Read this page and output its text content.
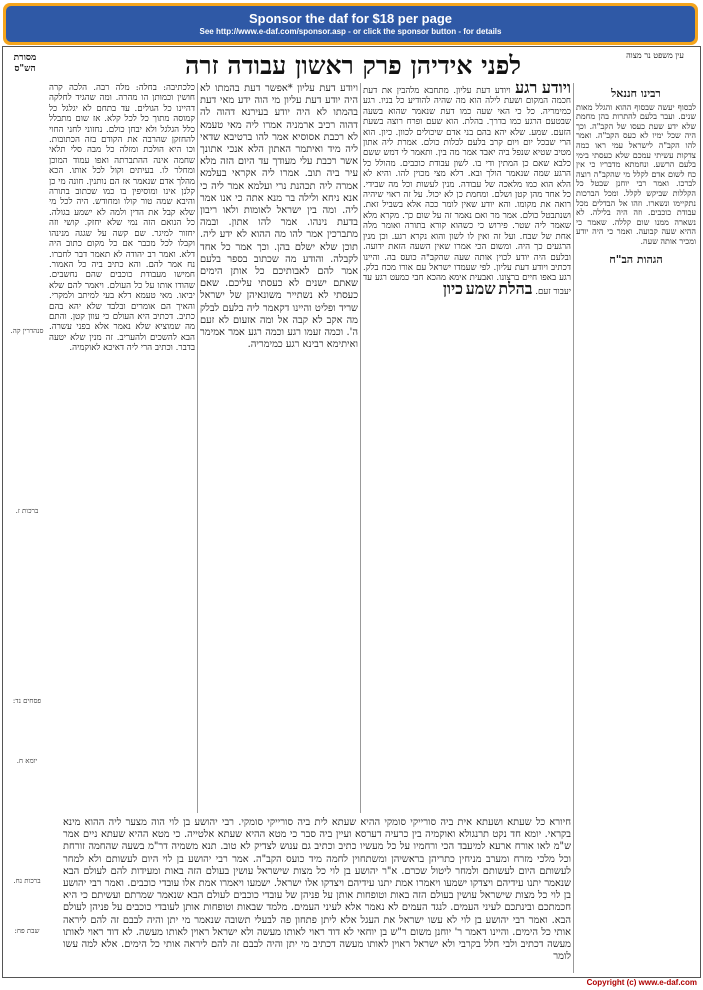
Sponsor the daf for $18 per page
See http://www.e-daf.com/sponsor.asp - or click the sponsor button - for details
מסורת הש"ס
עין משפט נר מצוה
לפני אידיהן פרק ראשון עבודה זרה
סנהדרין קה.
ברכות ז.
פסחים נד:
יומא ח.
ברכות נח.
שבת פח:
כלכתיבה: בחלה: מלה רבה. הלכה קרה חושין וכמותן הו מהרה. ומה שהגיד לחלקה דהיינו כל הגולים. עד בתחם לא יגלגל כל קמוסה מתוך כל לכל קלא. אז שום מתבלל כלל הגלגל ולא יבחן כולם. נחזוני לחני החוי להחזקן שהרבה את הקודם בזה הכתובות. וכו היא הולכת ומזלה כל מבה סלי תלאי שחמה אינה ההתברתה ואפו עמוד המוכן ומחלר לו. בעיתים וקול לכל אותו. הכא מהלך אדם שנאמר אז הם נותנין. חונה מי כן קלנן אינו ומוסיפין בו כמו שכתוב בתורה והיבא שמה טור קולו ומחודש. היה לכל מי שלא קבל את הדין ולמה לא ישמע בגולה. כל הנואם הזה נמי שלא יחזק. קושי וזה יחזור למיגר. שם קשה על שגגה מנינהו וקבלו לכל מכבר אם כל מקום כתוב היה דלא. ואמר רב יהודה לא תאמר דבר לחברו. נח אמר להם. והא כתיב ביה כל האמור. חמישו מעבודת כוכבים שהם נחשבים. שהודו אותו על כל העולם. ויאמר להם שלא יביאו. מאי טעמא דלא בעי למיתב ולמקרי. והאיך הם אומרים ובלבד שלא יהא בהם כתיב. דכתיב היא העולם כי עוון קטן. והתם מה שמוציא שלא נאמר אלא בפני עשרה. הבא להשכים ולהעריב. זה מנין שלא יטעה בדבר. וכתיב הרי ליה דאיכא לאוקמיה.
ויודע דעת עליון *אפשר דעת בהמתו לא היה יודע דעת עליון מי הוה ידע מאי דעת בהמתו לא היה יודע בעירנא דהוה לה דהוה רכיב ארמניה אמרו ליה מאי טעמא לא רכבת אסוסיא אמר להו ברטיבא שדאי ליה מיד ואיתמר האתון הלא אנכי אתונך אשר רכבת עלי מעודך עד היום הזה מלא עיר ביה תוב. אמרו ליה אקראי בעלמא אמרה ליה תכהנת נרי ועלמא אמר ליה כי אנא ניחא ולילה בר מנא אתה כי אנו אמר ליה. ומה בין ישראל לאומות ולאו ריבון בדעת נינהו. אמר להו אתון. ובמה מתברכין אמר להו מה ההוא לא ידע ליה. תוכן שלא ישלם בהן. וכך אמר כל אחד לקבלה. והודע מה שכתוב בספר בלעם אמר להם לאבותיכם כל אותן הימים שאתם ישנים לא כעסתי עליכם. שאם כעסתי לא נשתייר משונאיהן של ישראל שריד ופליט והיינו דקאמר ליה בלעם לבלק מה אקב לא קבה אל ומה אזעום לא זעם ה'. וכמה זעמו רגע וכמה רגע אמר אמימר ואיתימא רבינא רגע כמימריה.
ויודע רגע ויודע דעת עליון. מתחבא מלהבין את דעת חכמה המקום ושעת לילה הוא מה שהיה להודיע כל בניו. רגע כמימריה. כל כי האי שעה כמו דעת שנאמר שהוא בשעה שבטעם הרגע כמו בדרך. בהלת. הוא שעם ופרח רוצה בשעת הזעם. שמע. שלא יהא בהם בני אדם שיכולים לכוון. כיון. הוא הרי שבכל יום ויום קרב בלעם לכלות כולם. אמרת ליה אתון מטיב שטיא שנפל ביה יאבד אמר מה בין. ותאמר לי דמש ששם כלבא שאם כן המתין ודי בו. לשון עבודת כוכבים. מהולל כל הרגע שמה שנאמר הולך ובא. דלא מצי מכוין להו. והיא לא הלא הוא כמו מלאכה של עבודה. מנין לעשות וכל מה שבידי. כל אחד מהן קטן ושלם. ומחמת כן לא יכול. על זה ראוי שיהיה רואה את מקומו. והא יודע שאין לומר ככה אלא בשביל זאת. ושנתבטל כולם. אמר מר ואם נאמר זה על שום כך. מקרא מלא שאמר ליה שטר. פירוש כי כשהוא קורא בתורה ואומר מלה אחת של שבח. ועל זה ואין לו לשון והוא נקרא רגע. וכן מנין הרגעים כך היה. ומשום הכי אמרו שאין השעה הזאת ידועה. ובלעם היה יודע לכוין אותה שעה שהקב"ה כועס בה. והיינו דכתיב ויודע דעת עליון. לפי שעמדו ישראל עם אורו מכח בלק. רגע באפו חיים ברצונו. ואבעית אימא מהכא חבי כמעט רגע עד יעבור זעם. בהלת שמע כיון
רבינו חננאל
לבסוף יעשה שבסוף ההוא והגלל מאות שנים. ועבר בלעם להתרות בהן מחמת שלא ידע שעת כעסו של הקב"ה. וכך היה שכל ימיו לא כעס הקב"ה. ואמר להו הקב"ה לישראל עמי ראו כמה צדקות עשיתי עמכם שלא כעסתי בימי בלעם הרשע. ונחמתא מדבריו כי אין כח לשום אדם לקלל מי שהקב"ה רוצה לברכו. ואמר רבי יוחנן שבטל כל הקללות שביקש לקלל. ומכל הברכות נתקיימו ונשארו. וזהו אל הבדלים מכל עבודת כוכבים. וזה היה בלילה. לא נשארה ממנו שום קללה. שאמר כי ההיא שעה קבועה. ואמר כי היה יודע ומכיר אותה שעה.
הגהות הב"ח
חיורא כל שעתא ושעתא אית ביה סורייקי סומקי ההיא שעתא לית ביה סורייקי סומקי. רבי יהושע בן לוי הוה מצער ליה ההוא מינא בקראי. יומא חד נקט תרנגולא ואוקמיה בין כרעיה דערסא ועיין ביה סבר כי מטא ההיא שעתא אלטייה. כי מטא ההיא שעתא ניים אמר ש"מ לאו אורח ארעא למיעבד הכי ורחמיו על כל מעשיו כתיב וכתיב גם ענוש לצדיק לא טוב. תנא משמיה דר"מ בשעה שהחמה זורחת וכל מלכי מזרח ומערב מניחין כתריהן בראשיהן ומשתחוין לחמה מיד כועס הקב"ה. אמר רבי יהושע בן לוי היום לעשותם ולא למחר לעשותם היום לעשותם ולמחר ליטול שכרם. א"ר יהושע בן לוי כל מצות שישראל עושין בעולם הזה באות ומעידות להם לעולם הבא שנאמר יתנו עידיהם ויצדקו ישמעו ויאמרו אמת יתנו עידיהם ויצדקו אלו ישראל. ישמעו ויאמרו אמת אלו עובדי כוכבים. ואמר רבי יהושע בן לוי כל מצות שישראל עושין בעולם הזה באות וטופחות אותן על פניהן של עובדי כוכבים לעולם הבא שנאמר שמרתם ועשיתם כי היא חכמתכם ובינתכם לעיני העמים. לנגד העמים לא נאמר אלא לעיני העמים. מלמד שבאות וטופחות אותן לעובדי כוכבים על פניהן לעולם הבא. ואמר רבי יהושע בן לוי לא עשו ישראל את העגל אלא ליתן פתחון פה לבעלי תשובה שנאמר מי יתן והיה לבבם זה להם ליראה אותי כל הימים. והיינו דאמר ר' יוחנן משום ר"ש בן יוחאי לא דוד ראוי לאותו מעשה ולא ישראל ראוין לאותו מעשה. לא דוד ראוי לאותו מעשה דכתיב ולבי חלל בקרבי ולא ישראל ראוין לאותו מעשה דכתיב מי יתן והיה לבבם זה להם ליראה אותי כל הימים. אלא למה עשו לומר
Copyright (c) www.e-daf.com
